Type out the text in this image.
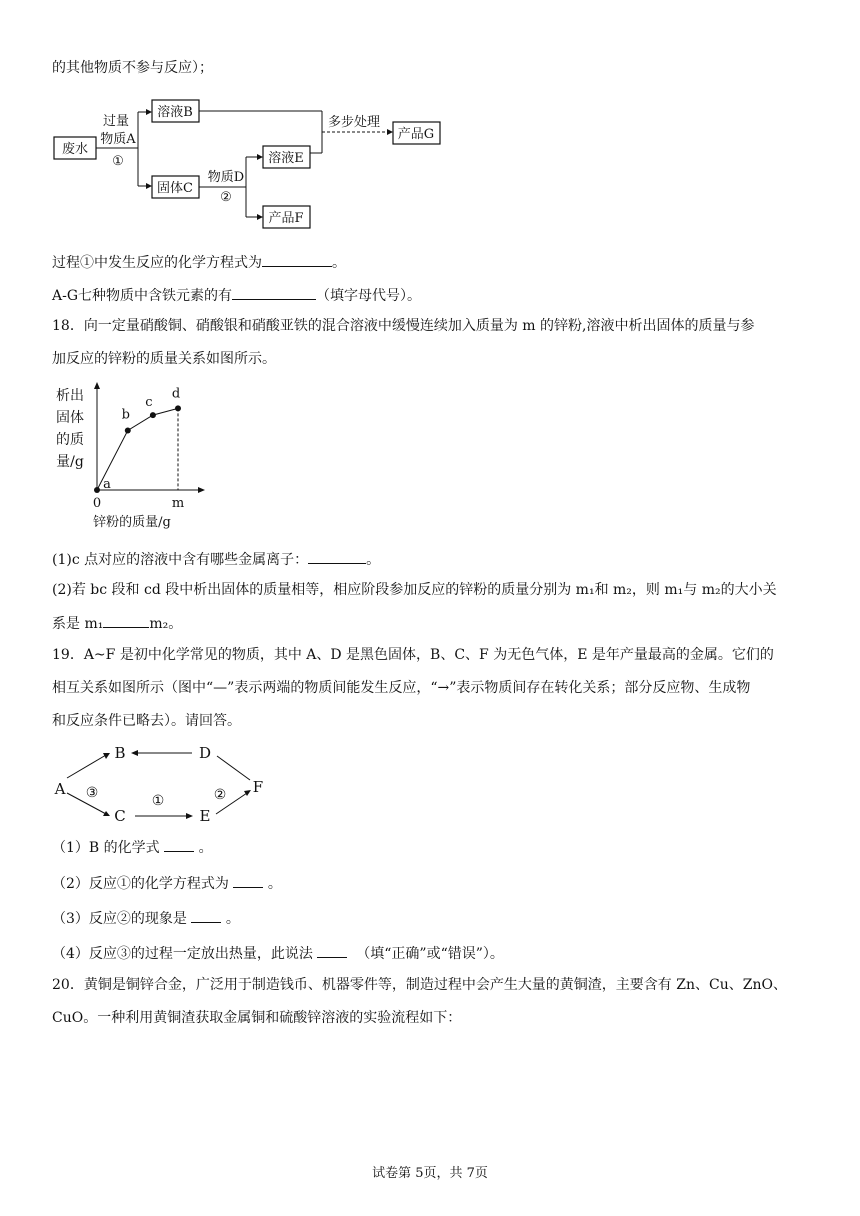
的其他物质不参与反应）；
废水
过量
物质A
①
溶液B
固体C
物质D
②
溶液E
产品F
多步处理
产品G
过程①中发生反应的化学方程式为	。
A-G七种物质中含铁元素的有	（填字母代号）。
18．向一定量硝酸铜、硝酸银和硝酸亚铁的混合溶液中缓慢连续加入质量为 m 的锌粉,溶液中析出固体的质量与参
加反应的锌粉的质量关系如图所示。
析出
固体
的质
量/g
0	m
a
b
c
d
锌粉的质量/g
(1)c 点对应的溶液中含有哪些金属离子：	。
(2)若 bc 段和 cd 段中析出固体的质量相等，相应阶段参加反应的锌粉的质量分别为 m₁和 m₂，则 m₁与 m₂的大小关
系是 m₁	m₂。
19．A~F 是初中化学常见的物质，其中 A、D 是黑色固体，B、C、F 为无色气体，E 是年产量最高的金属。它们的
相互关系如图所示（图中“—”表示两端的物质间能发生反应，“→”表示物质间存在转化关系；部分反应物、生成物
和反应条件已略去）。请回答。
A
B	D
F
C	E
③	①	②
（1）B 的化学式	。
（2）反应①的化学方程式为	。
（3）反应②的现象是	。
（4）反应③的过程一定放出热量，此说法	（填“正确”或“错误”）。
20．黄铜是铜锌合金，广泛用于制造钱币、机器零件等，制造过程中会产生大量的黄铜渣，主要含有 Zn、Cu、ZnO、
CuO。一种利用黄铜渣获取金属铜和硫酸锌溶液的实验流程如下：
试卷第 5页，共 7页
